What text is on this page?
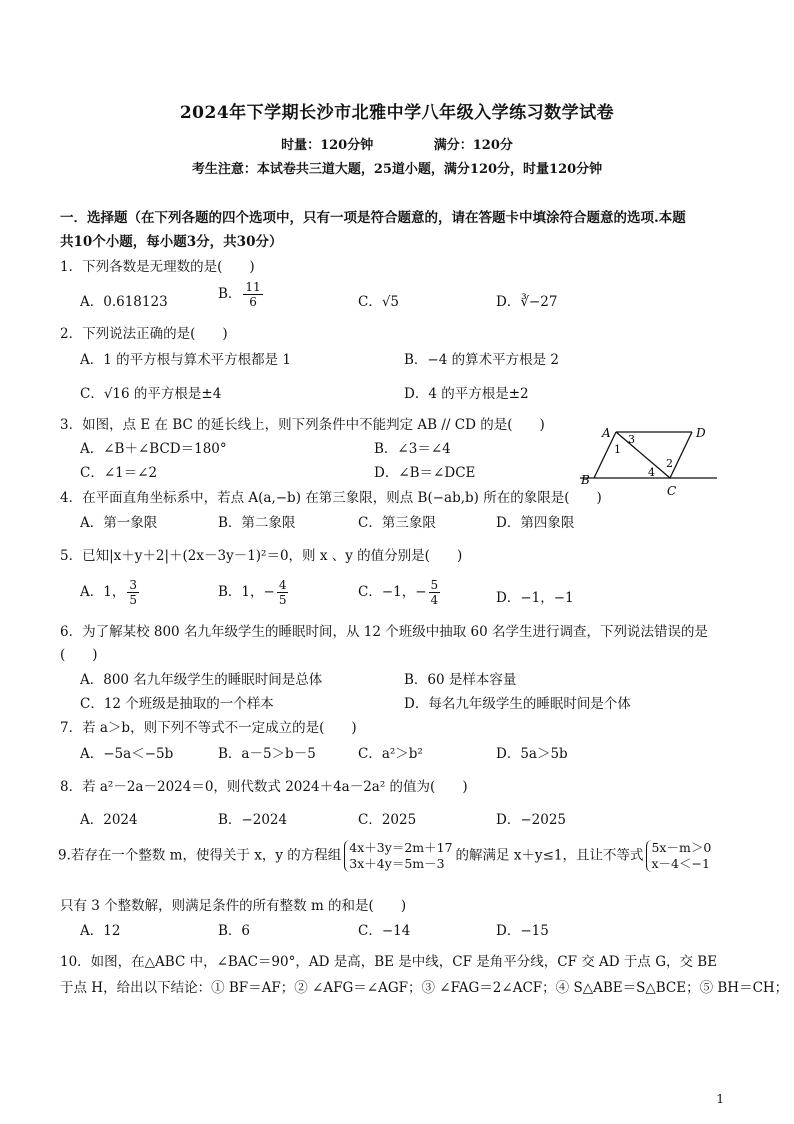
2024年下学期长沙市北雅中学八年级入学练习数学试卷
时量：120分钟	满分：120分
考生注意：本试卷共三道大题，25道小题，满分120分，时量120分钟
一．选择题（在下列各题的四个选项中，只有一项是符合题意的，请在答题卡中填涂符合题意的选项.本题
共10个小题，每小题3分，共30分）
1．下列各数是无理数的是(　　)
A．0.618123	B． $\frac{11}{6}$	C．√5	D．∛−27
2．下列说法正确的是(　　)
A．1 的平方根与算术平方根都是 1	B．−4 的算术平方根是 2
C．√16 的平方根是±4	D．4 的平方根是±2
3．如图，点 E 在 BC 的延长线上，则下列条件中不能判定 AB // CD 的是(　　)
A．∠B＋∠BCD＝180°	B．∠3＝∠4
C．∠1＝∠2	D．∠B＝∠DCE
A	D
B
C
1
3
2
4
4．在平面直角坐标系中，若点 A(a,−b) 在第三象限，则点 B(−ab,b) 所在的象限是(　　)
A．第一象限	B．第二象限	C．第三象限	D．第四象限
5．已知|x＋y＋2|＋(2x－3y－1)²＝0，则 x 、y 的值分别是(　　)
A．1， $\frac{3}{5}$	B．1，− $\frac{4}{5}$	C．−1，− $\frac{5}{4}$	D．−1，−1
6．为了解某校 800 名九年级学生的睡眠时间，从 12 个班级中抽取 60 名学生进行调查，下列说法错误的是
(　　)
A．800 名九年级学生的睡眠时间是总体	B．60 是样本容量
C．12 个班级是抽取的一个样本	D．每名九年级学生的睡眠时间是个体
7．若 a＞b，则下列不等式不一定成立的是(　　)
A．−5a＜−5b	B．a－5＞b－5	C．a²＞b²	D．5a＞5b
8．若 a²－2a－2024＝0，则代数式 2024＋4a－2a² 的值为(　　)
A．2024	B．−2024	C．2025	D．−2025
9.若存在一个整数 m，使得关于 x，y 的方程组 4x＋3y＝2m＋17
3x＋4y＝5m－3 的解满足 x＋y≤1，且让不等式 5x－m＞0
x－4＜−1
只有 3 个整数解，则满足条件的所有整数 m 的和是(　　)
A．12	B．6	C．−14	D．−15
10．如图，在△ABC 中，∠BAC＝90°，AD 是高，BE 是中线，CF 是角平分线，CF 交 AD 于点 G，交 BE
于点 H，给出以下结论：① BF＝AF；② ∠AFG＝∠AGF；③ ∠FAG＝2∠ACF；④ S△ABE＝S△BCE；⑤ BH＝CH；
1
